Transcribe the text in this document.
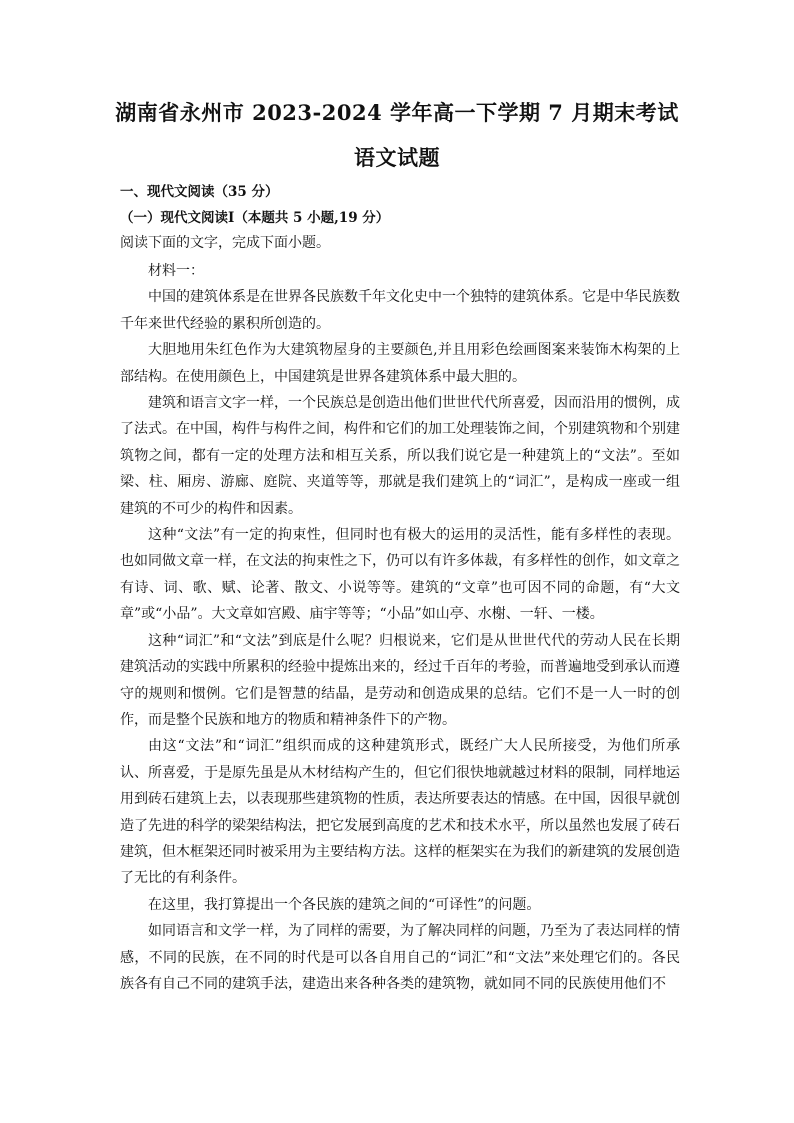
湖南省永州市 2023-2024 学年高一下学期 7 月期末考试
语文试题
一、现代文阅读（35 分）
（一）现代文阅读Ⅰ（本题共 5 小题,19 分）
阅读下面的文字，完成下面小题。

材料一：

中国的建筑体系是在世界各民族数千年文化史中一个独特的建筑体系。它是中华民族数千年来世代经验的累积所创造的。

大胆地用朱红色作为大建筑物屋身的主要颜色,并且用彩色绘画图案来装饰木构架的上部结构。在使用颜色上，中国建筑是世界各建筑体系中最大胆的。

建筑和语言文字一样，一个民族总是创造出他们世世代代所喜爱，因而沿用的惯例，成了法式。在中国，构件与构件之间，构件和它们的加工处理装饰之间，个别建筑物和个别建筑物之间，都有一定的处理方法和相互关系，所以我们说它是一种建筑上的“文法”。至如梁、柱、厢房、游廊、庭院、夹道等等，那就是我们建筑上的“词汇”，是构成一座或一组建筑的不可少的构件和因素。

这种“文法”有一定的拘束性，但同时也有极大的运用的灵活性，能有多样性的表现。也如同做文章一样，在文法的拘束性之下，仍可以有许多体裁，有多样性的创作，如文章之有诗、词、歌、赋、论著、散文、小说等等。建筑的“文章”也可因不同的命题，有“大文章”或“小品”。大文章如宫殿、庙宇等等；“小品”如山亭、水榭、一轩、一楼。

这种“词汇”和“文法”到底是什么呢？归根说来，它们是从世世代代的劳动人民在长期建筑活动的实践中所累积的经验中提炼出来的，经过千百年的考验，而普遍地受到承认而遵守的规则和惯例。它们是智慧的结晶，是劳动和创造成果的总结。它们不是一人一时的创作，而是整个民族和地方的物质和精神条件下的产物。

由这“文法”和“词汇”组织而成的这种建筑形式，既经广大人民所接受，为他们所承认、所喜爱，于是原先虽是从木材结构产生的，但它们很快地就越过材料的限制，同样地运用到砖石建筑上去，以表现那些建筑物的性质，表达所要表达的情感。在中国，因很早就创造了先进的科学的梁架结构法，把它发展到高度的艺术和技术水平，所以虽然也发展了砖石建筑，但木框架还同时被采用为主要结构方法。这样的框架实在为我们的新建筑的发展创造了无比的有利条件。

在这里，我打算提出一个各民族的建筑之间的“可译性”的问题。

如同语言和文学一样，为了同样的需要，为了解决同样的问题，乃至为了表达同样的情感，不同的民族，在不同的时代是可以各自用自己的“词汇”和“文法”来处理它们的。各民族各有自己不同的建筑手法，建造出来各种各类的建筑物，就如同不同的民族使用他们不
